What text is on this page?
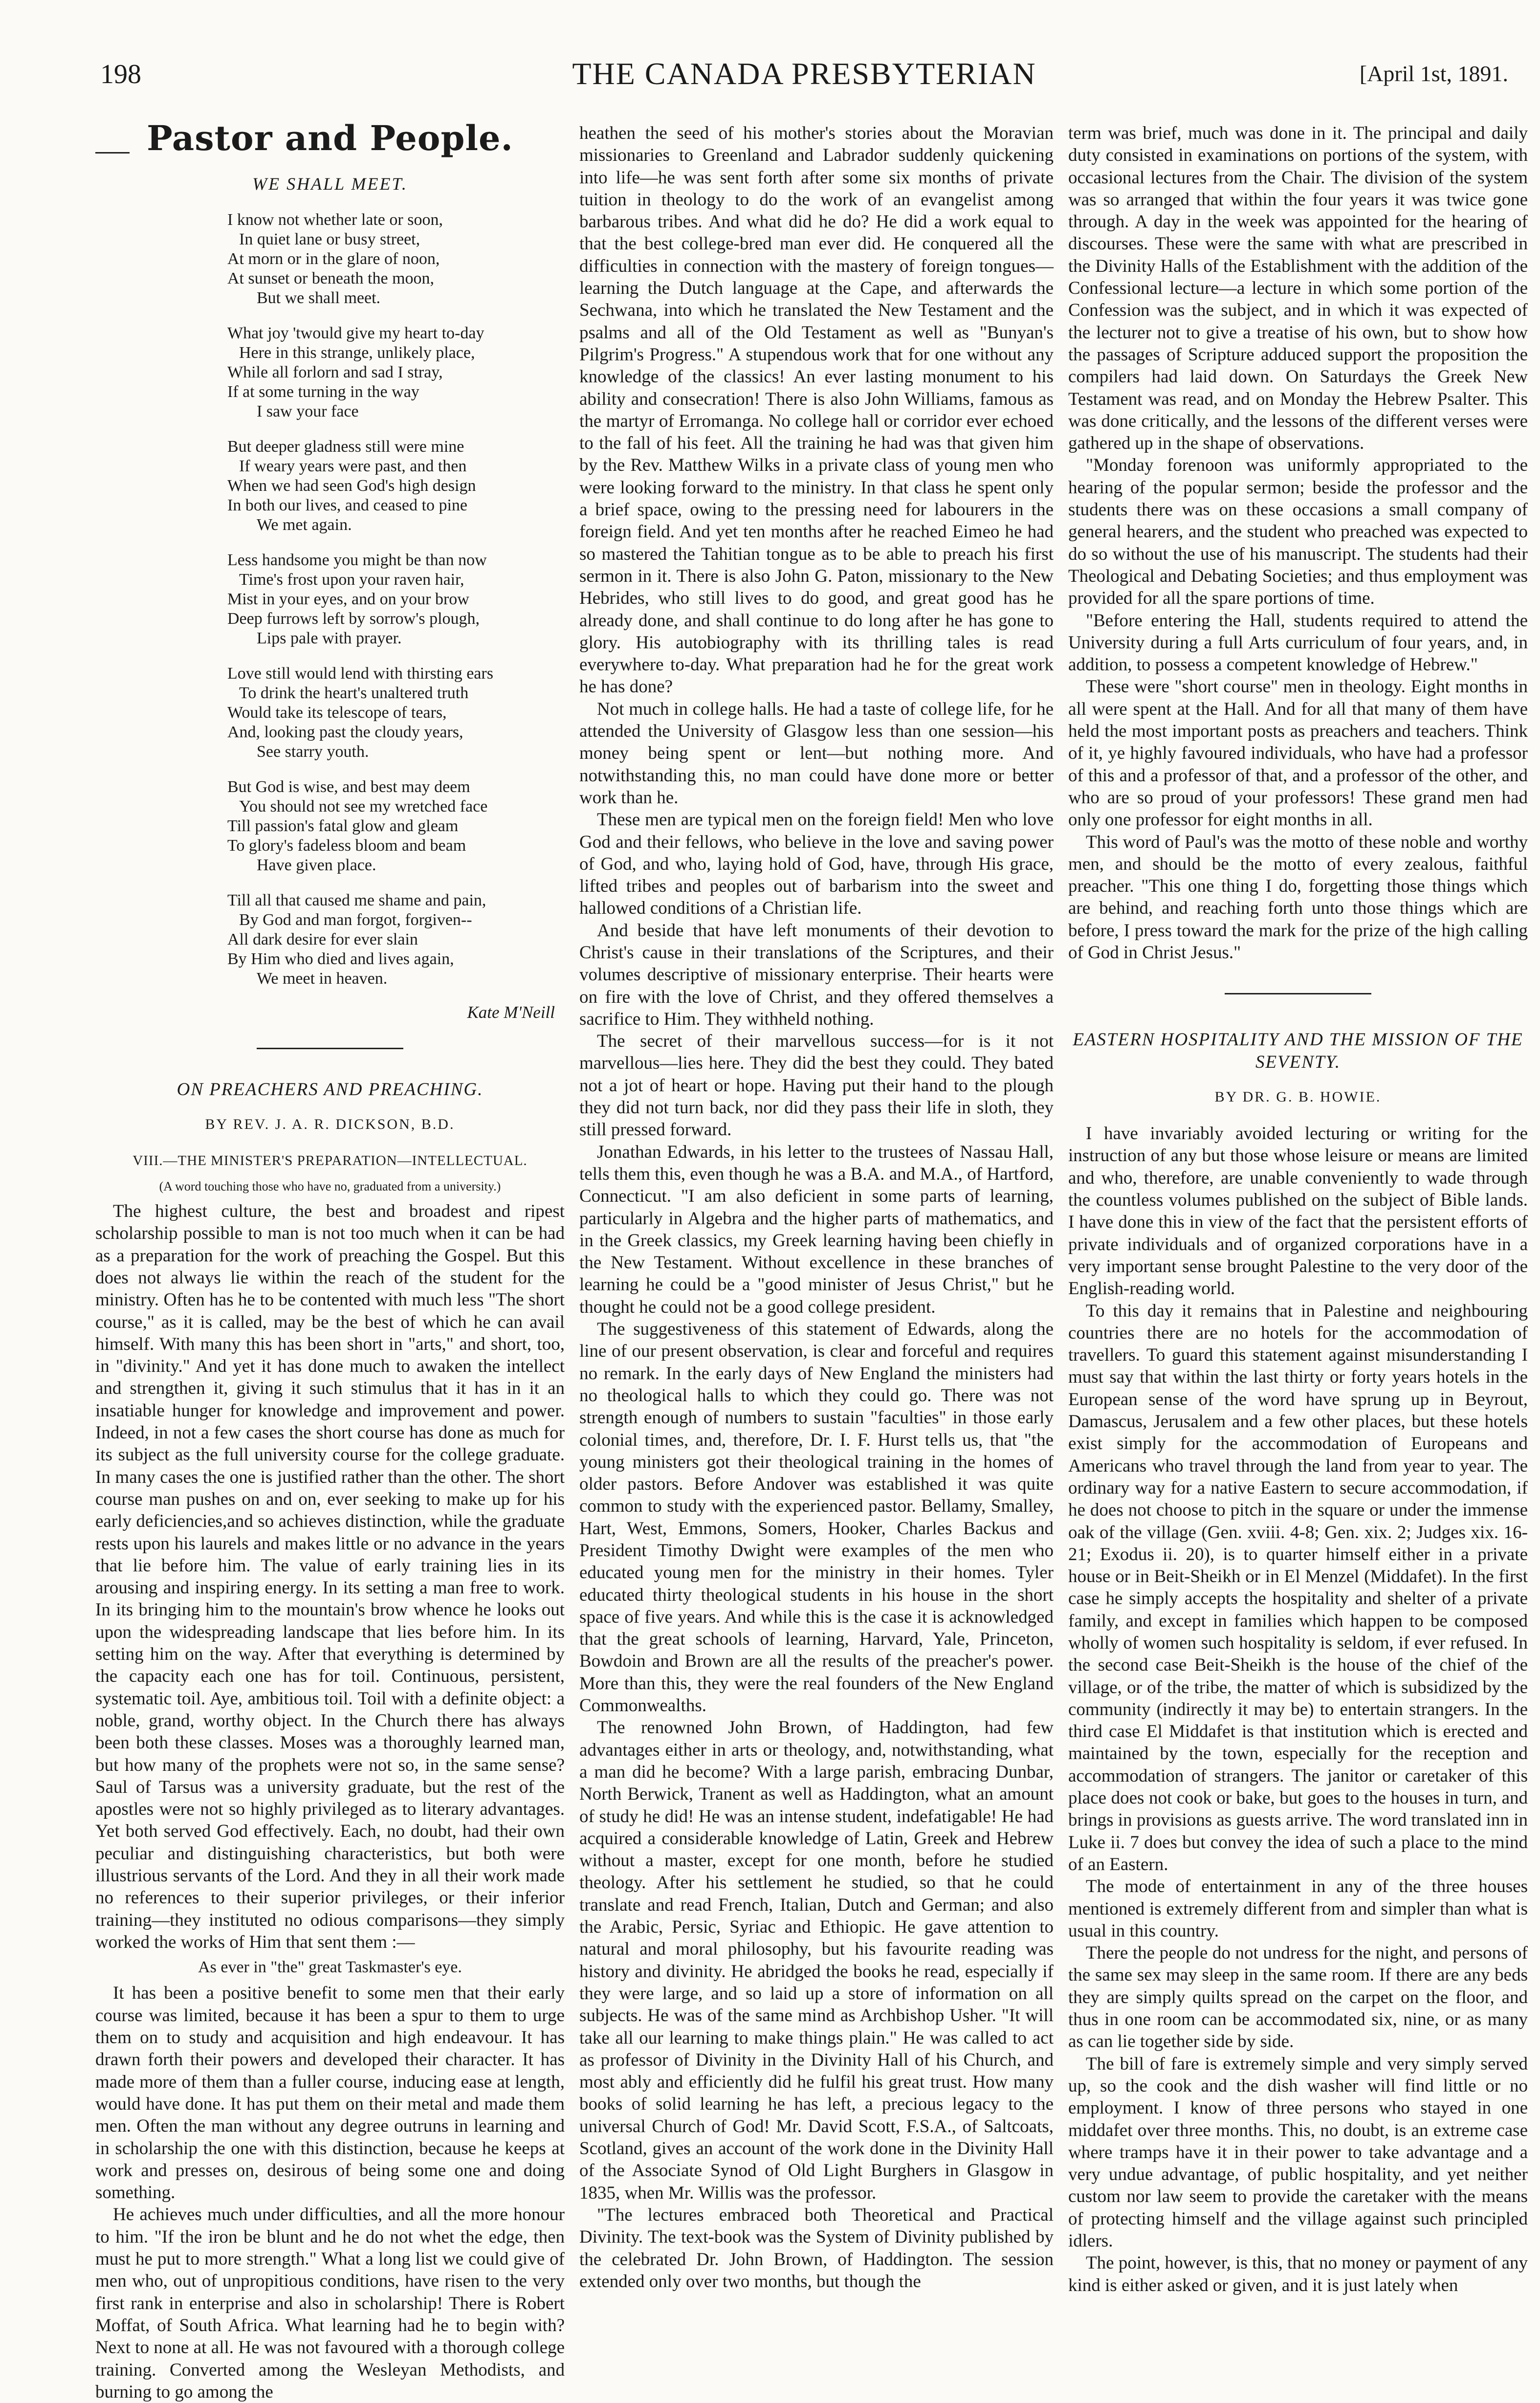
198	THE CANADA PRESBYTERIAN	[April 1st, 1891.
Pastor and People.
WE SHALL MEET.
I know not whether late or soon,
In quiet lane or busy street,
At morn or in the glare of noon,
At sunset or beneath the moon,
But we shall meet.
What joy 'twould give my heart to-day
Here in this strange, unlikely place,
While all forlorn and sad I stray,
If at some turning in the way
I saw your face
But deeper gladness still were mine
If weary years were past, and then
When we had seen God's high design
In both our lives, and ceased to pine
We met again.
Less handsome you might be than now
Time's frost upon your raven hair,
Mist in your eyes, and on your brow
Deep furrows left by sorrow's plough,
Lips pale with prayer.
Love still would lend with thirsting ears
To drink the heart's unaltered truth
Would take its telescope of tears,
And, looking past the cloudy years,
See starry youth.
But God is wise, and best may deem
You should not see my wretched face
Till passion's fatal glow and gleam
To glory's fadeless bloom and beam
Have given place.
Till all that caused me shame and pain,
By God and man forgot, forgiven--
All dark desire for ever slain
By Him who died and lives again,
We meet in heaven.
Kate M'Neill
ON PREACHERS AND PREACHING.
BY REV. J. A. R. DICKSON, B.D.
VIII.—THE MINISTER'S PREPARATION—INTELLECTUAL.
(A word touching those who have no, graduated from a university.)

The highest culture, the best and broadest and ripest scholarship possible to man is not too much when it can be had as a preparation for the work of preaching the Gospel. But this does not always lie within the reach of the student for the ministry. Often has he to be contented with much less "The short course," as it is called, may be the best of which he can avail himself. With many this has been short in "arts," and short, too, in "divinity." And yet it has done much to awaken the intellect and strengthen it, giving it such stimulus that it has in it an insatiable hunger for knowledge and improvement and power. Indeed, in not a few cases the short course has done as much for its subject as the full university course for the college graduate. In many cases the one is justified rather than the other. The short course man pushes on and on, ever seeking to make up for his early deficiencies,and so achieves distinction, while the graduate rests upon his laurels and makes little or no advance in the years that lie before him. The value of early training lies in its arousing and inspiring energy. In its setting a man free to work. In its bringing him to the mountain's brow whence he looks out upon the widespreading landscape that lies before him. In its setting him on the way. After that everything is determined by the capacity each one has for toil. Continuous, persistent, systematic toil. Aye, ambitious toil. Toil with a definite object: a noble, grand, worthy object. In the Church there has always been both these classes. Moses was a thoroughly learned man, but how many of the prophets were not so, in the same sense? Saul of Tarsus was a university graduate, but the rest of the apostles were not so highly privileged as to literary advantages. Yet both served God effectively. Each, no doubt, had their own peculiar and distinguishing characteristics, but both were illustrious servants of the Lord. And they in all their work made no references to their superior privileges, or their inferior training—they instituted no odious comparisons—they simply worked the works of Him that sent them :—

As ever in "the" great Taskmaster's eye.

It has been a positive benefit to some men that their early course was limited, because it has been a spur to them to urge them on to study and acquisition and high endeavour. It has drawn forth their powers and developed their character. It has made more of them than a fuller course, inducing ease at length, would have done. It has put them on their metal and made them men. Often the man without any degree outruns in learning and in scholarship the one with this distinction, because he keeps at work and presses on, desirous of being some one and doing something.

He achieves much under difficulties, and all the more honour to him. "If the iron be blunt and he do not whet the edge, then must he put to more strength." What a long list we could give of men who, out of unpropitious conditions, have risen to the very first rank in enterprise and also in scholarship! There is Robert Moffat, of South Africa. What learning had he to begin with? Next to none at all. He was not favoured with a thorough college training. Converted among the Wesleyan Methodists, and burning to go among the

heathen the seed of his mother's stories about the Moravian missionaries to Greenland and Labrador suddenly quickening into life—he was sent forth after some six months of private tuition in theology to do the work of an evangelist among barbarous tribes. And what did he do? He did a work equal to that the best college-bred man ever did. He conquered all the difficulties in connection with the mastery of foreign tongues—learning the Dutch language at the Cape, and afterwards the Sechwana, into which he translated the New Testament and the psalms and all of the Old Testament as well as "Bunyan's Pilgrim's Progress." A stupendous work that for one without any knowledge of the classics! An ever lasting monument to his ability and consecration! There is also John Williams, famous as the martyr of Erromanga. No college hall or corridor ever echoed to the fall of his feet. All the training he had was that given him by the Rev. Matthew Wilks in a private class of young men who were looking forward to the ministry. In that class he spent only a brief space, owing to the pressing need for labourers in the foreign field. And yet ten months after he reached Eimeo he had so mastered the Tahitian tongue as to be able to preach his first sermon in it. There is also John G. Paton, missionary to the New Hebrides, who still lives to do good, and great good has he already done, and shall continue to do long after he has gone to glory. His autobiography with its thrilling tales is read everywhere to-day. What preparation had he for the great work he has done?

Not much in college halls. He had a taste of college life, for he attended the University of Glasgow less than one session—his money being spent or lent—but nothing more. And notwithstanding this, no man could have done more or better work than he.

These men are typical men on the foreign field! Men who love God and their fellows, who believe in the love and saving power of God, and who, laying hold of God, have, through His grace, lifted tribes and peoples out of barbarism into the sweet and hallowed conditions of a Christian life.

And beside that have left monuments of their devotion to Christ's cause in their translations of the Scriptures, and their volumes descriptive of missionary enterprise. Their hearts were on fire with the love of Christ, and they offered themselves a sacrifice to Him. They withheld nothing.

The secret of their marvellous success—for is it not marvellous—lies here. They did the best they could. They bated not a jot of heart or hope. Having put their hand to the plough they did not turn back, nor did they pass their life in sloth, they still pressed forward.

Jonathan Edwards, in his letter to the trustees of Nassau Hall, tells them this, even though he was a B.A. and M.A., of Hartford, Connecticut. "I am also deficient in some parts of learning, particularly in Algebra and the higher parts of mathematics, and in the Greek classics, my Greek learning having been chiefly in the New Testament. Without excellence in these branches of learning he could be a "good minister of Jesus Christ," but he thought he could not be a good college president.

The suggestiveness of this statement of Edwards, along the line of our present observation, is clear and forceful and requires no remark. In the early days of New England the ministers had no theological halls to which they could go. There was not strength enough of numbers to sustain "faculties" in those early colonial times, and, therefore, Dr. I. F. Hurst tells us, that "the young ministers got their theological training in the homes of older pastors. Before Andover was established it was quite common to study with the experienced pastor. Bellamy, Smalley, Hart, West, Emmons, Somers, Hooker, Charles Backus and President Timothy Dwight were examples of the men who educated young men for the ministry in their homes. Tyler educated thirty theological students in his house in the short space of five years. And while this is the case it is acknowledged that the great schools of learning, Harvard, Yale, Princeton, Bowdoin and Brown are all the results of the preacher's power. More than this, they were the real founders of the New England Commonwealths.

The renowned John Brown, of Haddington, had few advantages either in arts or theology, and, notwithstanding, what a man did he become? With a large parish, embracing Dunbar, North Berwick, Tranent as well as Haddington, what an amount of study he did! He was an intense student, indefatigable! He had acquired a considerable knowledge of Latin, Greek and Hebrew without a master, except for one month, before he studied theology. After his settlement he studied, so that he could translate and read French, Italian, Dutch and German; and also the Arabic, Persic, Syriac and Ethiopic. He gave attention to natural and moral philosophy, but his favourite reading was history and divinity. He abridged the books he read, especially if they were large, and so laid up a store of information on all subjects. He was of the same mind as Archbishop Usher. "It will take all our learning to make things plain." He was called to act as professor of Divinity in the Divinity Hall of his Church, and most ably and efficiently did he fulfil his great trust. How many books of solid learning he has left, a precious legacy to the universal Church of God! Mr. David Scott, F.S.A., of Saltcoats, Scotland, gives an account of the work done in the Divinity Hall of the Associate Synod of Old Light Burghers in Glasgow in 1835, when Mr. Willis was the professor.

"The lectures embraced both Theoretical and Practical Divinity. The text-book was the System of Divinity published by the celebrated Dr. John Brown, of Haddington. The session extended only over two months, but though the

term was brief, much was done in it. The principal and daily duty consisted in examinations on portions of the system, with occasional lectures from the Chair. The division of the system was so arranged that within the four years it was twice gone through. A day in the week was appointed for the hearing of discourses. These were the same with what are prescribed in the Divinity Halls of the Establishment with the addition of the Confessional lecture—a lecture in which some portion of the Confession was the subject, and in which it was expected of the lecturer not to give a treatise of his own, but to show how the passages of Scripture adduced support the proposition the compilers had laid down. On Saturdays the Greek New Testament was read, and on Monday the Hebrew Psalter. This was done critically, and the lessons of the different verses were gathered up in the shape of observations.

"Monday forenoon was uniformly appropriated to the hearing of the popular sermon; beside the professor and the students there was on these occasions a small company of general hearers, and the student who preached was expected to do so without the use of his manuscript. The students had their Theological and Debating Societies; and thus employment was provided for all the spare portions of time.

"Before entering the Hall, students required to attend the University during a full Arts curriculum of four years, and, in addition, to possess a competent knowledge of Hebrew."

These were "short course" men in theology. Eight months in all were spent at the Hall. And for all that many of them have held the most important posts as preachers and teachers. Think of it, ye highly favoured individuals, who have had a professor of this and a professor of that, and a professor of the other, and who are so proud of your professors! These grand men had only one professor for eight months in all.

This word of Paul's was the motto of these noble and worthy men, and should be the motto of every zealous, faithful preacher. "This one thing I do, forgetting those things which are behind, and reaching forth unto those things which are before, I press toward the mark for the prize of the high calling of God in Christ Jesus."

EASTERN HOSPITALITY AND THE MISSION OF THE SEVENTY.
BY DR. G. B. HOWIE.

I have invariably avoided lecturing or writing for the instruction of any but those whose leisure or means are limited and who, therefore, are unable conveniently to wade through the countless volumes published on the subject of Bible lands. I have done this in view of the fact that the persistent efforts of private individuals and of organized corporations have in a very important sense brought Palestine to the very door of the English-reading world.

To this day it remains that in Palestine and neighbouring countries there are no hotels for the accommodation of travellers. To guard this statement against misunderstanding I must say that within the last thirty or forty years hotels in the European sense of the word have sprung up in Beyrout, Damascus, Jerusalem and a few other places, but these hotels exist simply for the accommodation of Europeans and Americans who travel through the land from year to year. The ordinary way for a native Eastern to secure accommodation, if he does not choose to pitch in the square or under the immense oak of the village (Gen. xviii. 4-8; Gen. xix. 2; Judges xix. 16-21; Exodus ii. 20), is to quarter himself either in a private house or in Beit-Sheikh or in El Menzel (Middafet). In the first case he simply accepts the hospitality and shelter of a private family, and except in families which happen to be composed wholly of women such hospitality is seldom, if ever refused. In the second case Beit-Sheikh is the house of the chief of the village, or of the tribe, the matter of which is subsidized by the community (indirectly it may be) to entertain strangers. In the third case El Middafet is that institution which is erected and maintained by the town, especially for the reception and accommodation of strangers. The janitor or caretaker of this place does not cook or bake, but goes to the houses in turn, and brings in provisions as guests arrive. The word translated inn in Luke ii. 7 does but convey the idea of such a place to the mind of an Eastern.

The mode of entertainment in any of the three houses mentioned is extremely different from and simpler than what is usual in this country.

There the people do not undress for the night, and persons of the same sex may sleep in the same room. If there are any beds they are simply quilts spread on the carpet on the floor, and thus in one room can be accommodated six, nine, or as many as can lie together side by side.

The bill of fare is extremely simple and very simply served up, so the cook and the dish washer will find little or no employment. I know of three persons who stayed in one middafet over three months. This, no doubt, is an extreme case where tramps have it in their power to take advantage and a very undue advantage, of public hospitality, and yet neither custom nor law seem to provide the caretaker with the means of protecting himself and the village against such principled idlers.

The point, however, is this, that no money or payment of any kind is either asked or given, and it is just lately when
